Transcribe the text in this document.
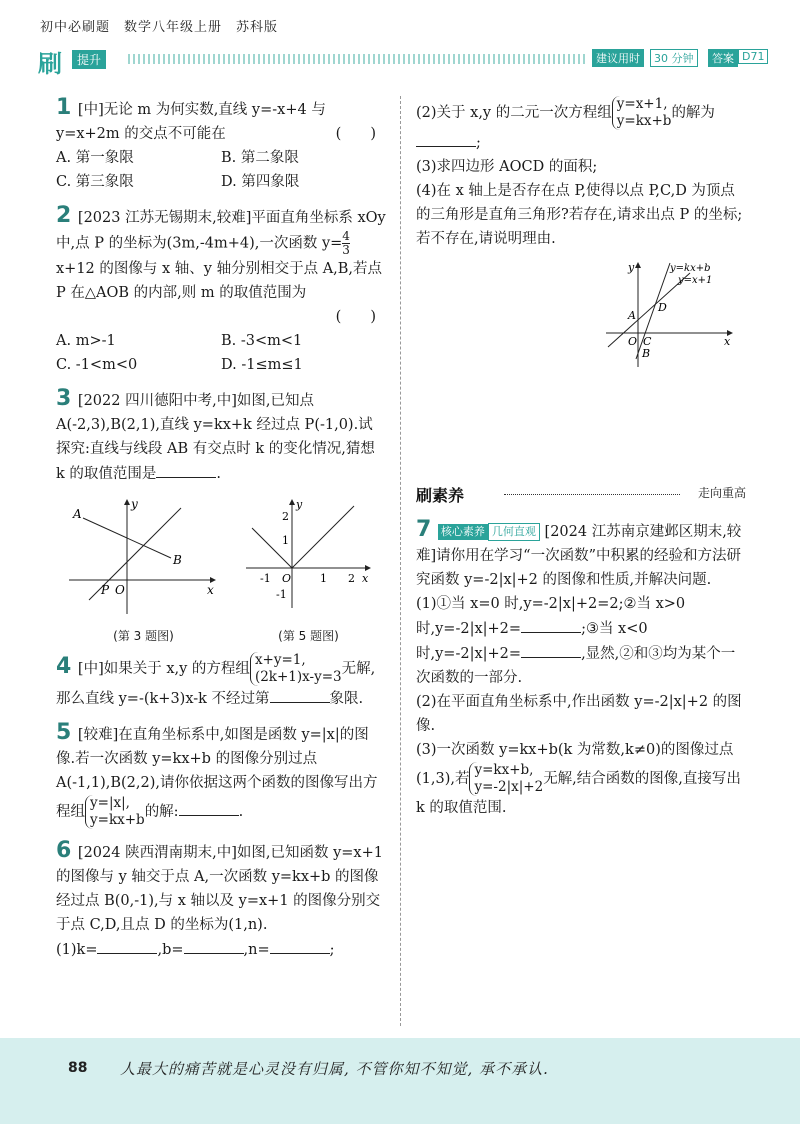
初中必刷题　数学八年级上册　苏科版
刷	提升	建议用时	30 分钟	答案 D71
1 [中]无论 m 为何实数,直线 y=-x+4 与 y=x+2m 的交点不可能在	(　　)
A. 第一象限	B. 第二象限 C. 第三象限	D. 第四象限
2 [2023 江苏无锡期末,较难]平面直角坐标系 xOy 中,点 P 的坐标为(3m,-4m+4),一次函数 $y= \frac{4}{3}$
x+12 的图像与 x 轴、y 轴分别相交于点 A,B,若点 P 在△AOB 的内部,则 m 的取值范围为
(　　)
A. m>-1	B. -3<m<1 C. -1<m<0	D. -1≤m≤1
3 [2022 四川德阳中考,中]如图,已知点 A(-2,3),B(2,1),直线 y=kx+k 经过点 P(-1,0).试探究:直线与线段 AB 有交点时 k 的变化情况,猜想 k 的取值范围是	.
A
B
P O	x
y
(第 3 题图)
-1 O	1 2
2
1
-1
x
y
(第 5 题图)
4 [中]如果关于 x,y 的方程组x+y=1,
(2k+1)x-y=3无解,那么直线 y=-(k+3)x-k 不经过第	象限.
5 [较难]在直角坐标系中,如图是函数 y=|x|的图像.若一次函数 y=kx+b 的图像分别过点 A(-1,1),B(2,2),请你依据这两个函数的图像写出方程组y=|x|,
y=kx+b的解:	.
6 [2024 陕西渭南期末,中]如图,已知函数 y=x+1 的图像与 y 轴交于点 A,一次函数 y=kx+b 的图像经过点 B(0,-1),与 x 轴以及 y=x+1 的图像分别交于点 C,D,且点 D 的坐标为(1,n).
(1)k=	,b=	,n=	;
(2)关于 x,y 的二元一次方程组y=x+1,
y=kx+b的解为;
(3)求四边形 AOCD 的面积;
(4)在 x 轴上是否存在点 P,使得以点 P,C,D 为顶点的三角形是直角三角形?若存在,请求出点 P 的坐标;若不存在,请说明理由.
y=kx+b
y=x+1
A
D
O C
B
x
y
刷素养	走向重高
7 核心素养 几何直观 [2024 江苏南京建邺区期末,较难]请你用在学习“一次函数”中积累的经验和方法研究函数 y=-2|x|+2 的图像和性质,并解决问题.
(1)①当 x=0 时,y=-2|x|+2=2;②当 x>0 时,y=-2|x|+2=	;③当 x<0 时,y=-2|x|+2=	,显然,②和③均为某个一次函数的一部分.
(2)在平面直角坐标系中,作出函数 y=-2|x|+2 的图像.
(3)一次函数 y=kx+b(k 为常数,k≠0)的图像过点(1,3),若y=kx+b,
y=-2|x|+2无解,结合函数的图像,直接写出 k 的取值范围.
88 人最大的痛苦就是心灵没有归属, 不管你知不知觉, 承不承认.
